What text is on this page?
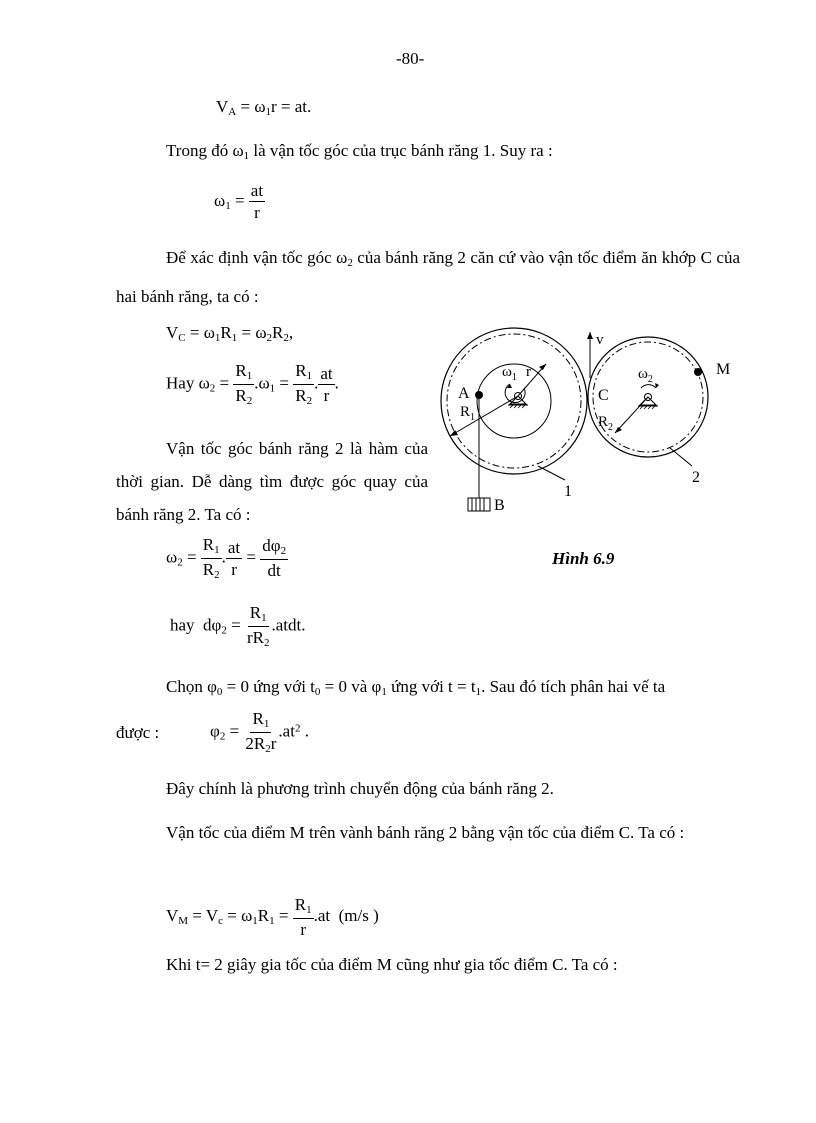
-80-
$V_A = \omega_1r$ = at.
Trong đó $\omega_1$ là vận tốc góc của trục bánh răng 1. Suy ra :
$\omega_1 = \frac{at}{r}$
Để xác định vận tốc góc $\omega_2$ của bánh răng 2 căn cứ vào vận tốc điểm ăn khớp C của hai bánh răng, ta có :
$V_C = \omega_1R_1 = \omega_2R_2$,
Hay $\omega_2 = \frac{R_1}{R_2} .\omega_1 = \frac{R_1}{R_2}$ . $\frac{at}{r}$ .
Vận tốc góc bánh răng 2 là hàm của thời gian. Dễ dàng tìm được góc quay của bánh răng 2. Ta có :
$\omega_2 = \frac{R_1}{R_2}$ . $\frac{at}{r} = \frac{d\varphi_2}{dt}$
hay  $d\varphi_2 = \frac{R_1}{rR_2}$ .atdt.
Chọn $\varphi_0 = 0$ ứng với $t_0 = 0$ và $\varphi_1$ ứng với $t = t_1$. Sau đó tích phân hai vế ta
được :	$\varphi_2 = \frac{R_1}{2R_2r} .at^2$ .
Đây chính là phương trình chuyển động của bánh răng 2.
Vận tốc của điểm M trên vành bánh răng 2 bằng vận tốc của điểm C. Ta có :
$V_M = V_c = \omega_1R_1 = \frac{R_1}{r} .at$  (m/s )
Khi t= 2 giây gia tốc của điểm M cũng như gia tốc điểm C. Ta có :
v
A
$R_1$
$\omega_1$ r
C
$R_2$
$\omega_2$
M
1
2
B
Hình 6.9
